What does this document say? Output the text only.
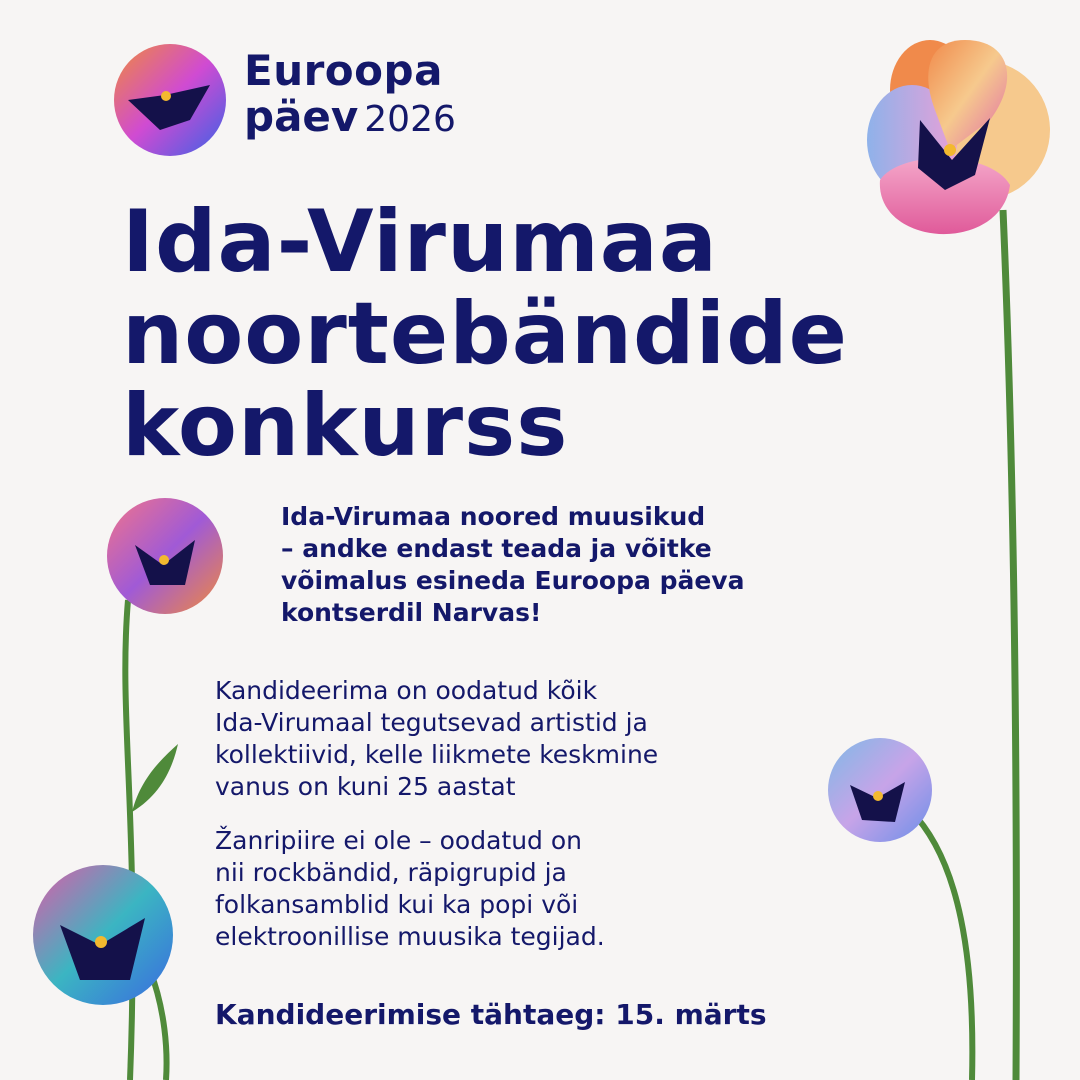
Euroopa
päev 2026
Ida-Virumaa
noortebändide
konkurss

Ida-Virumaa noored muusikud
– andke endast teada ja võitke
võimalus esineda Euroopa päeva
kontserdil Narvas!

Kandideerima on oodatud kõik
Ida-Virumaal tegutsevad artistid ja
kollektiivid, kelle liikmete keskmine
vanus on kuni 25 aastat

Žanripiire ei ole – oodatud on
nii rockbändid, räpigrupid ja
folkansamblid kui ka popi või
elektroonillise muusika tegijad.

Kandideerimise tähtaeg: 15. märts
